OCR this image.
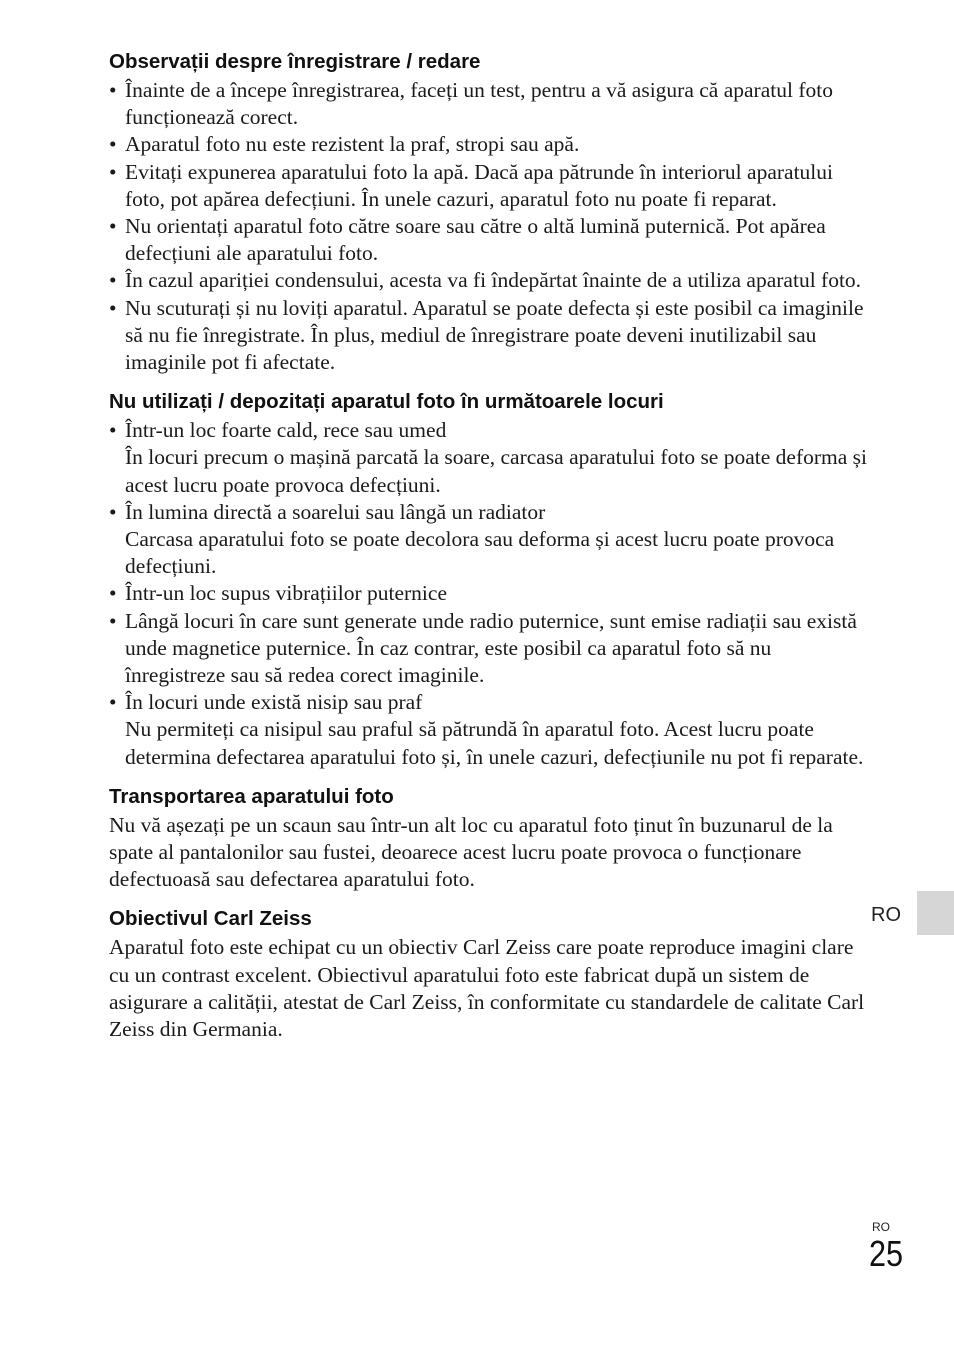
Observații despre înregistrare / redare
• Înainte de a începe înregistrarea, faceți un test, pentru a vă asigura că aparatul foto funcționează corect.
• Aparatul foto nu este rezistent la praf, stropi sau apă.
• Evitați expunerea aparatului foto la apă. Dacă apa pătrunde în interiorul aparatului foto, pot apărea defecțiuni. În unele cazuri, aparatul foto nu poate fi reparat.
• Nu orientați aparatul foto către soare sau către o altă lumină puternică. Pot apărea defecțiuni ale aparatului foto.
• În cazul apariției condensului, acesta va fi îndepărtat înainte de a utiliza aparatul foto.
• Nu scuturați și nu loviți aparatul. Aparatul se poate defecta și este posibil ca imaginile să nu fie înregistrate. În plus, mediul de înregistrare poate deveni inutilizabil sau imaginile pot fi afectate.
Nu utilizați / depozitați aparatul foto în următoarele locuri
• Într-un loc foarte cald, rece sau umed
În locuri precum o mașină parcată la soare, carcasa aparatului foto se poate deforma și acest lucru poate provoca defecțiuni.
• În lumina directă a soarelui sau lângă un radiator
Carcasa aparatului foto se poate decolora sau deforma și acest lucru poate provoca defecțiuni.
• Într-un loc supus vibrațiilor puternice
• Lângă locuri în care sunt generate unde radio puternice, sunt emise radiații sau există unde magnetice puternice. În caz contrar, este posibil ca aparatul foto să nu înregistreze sau să redea corect imaginile.
• În locuri unde există nisip sau praf
Nu permiteți ca nisipul sau praful să pătrundă în aparatul foto. Acest lucru poate determina defectarea aparatului foto și, în unele cazuri, defecțiunile nu pot fi reparate.
Transportarea aparatului foto

Nu vă așezați pe un scaun sau într-un alt loc cu aparatul foto ținut în buzunarul de la spate al pantalonilor sau fustei, deoarece acest lucru poate provoca o funcționare defectuoasă sau defectarea aparatului foto.

Obiectivul Carl Zeiss

Aparatul foto este echipat cu un obiectiv Carl Zeiss care poate reproduce imagini clare cu un contrast excelent. Obiectivul aparatului foto este fabricat după un sistem de asigurare a calității, atestat de Carl Zeiss, în conformitate cu standardele de calitate Carl Zeiss din Germania.

RO
RO
25
